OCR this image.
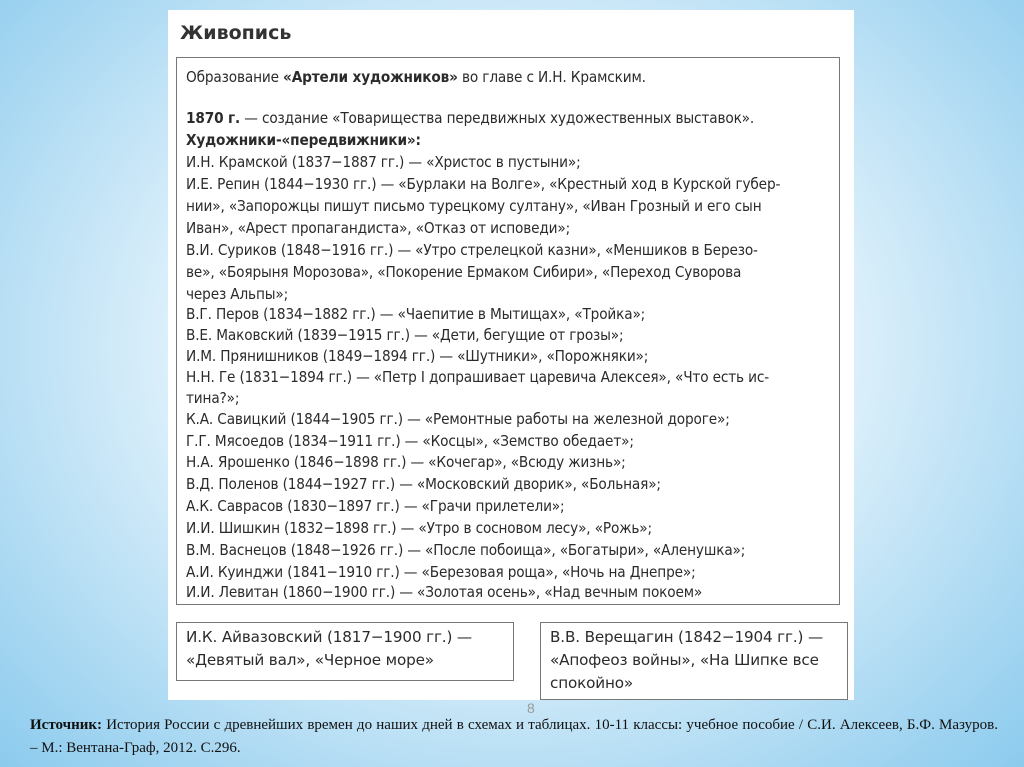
Живопись
Образование «Артели художников» во главе с И.Н. Крамским.
1870 г. — создание «Товарищества передвижных художественных выставок».
Художники-«передвижники»:
И.Н. Крамской (1837−1887 гг.) — «Христос в пустыни»;
И.Е. Репин (1844−1930 гг.) — «Бурлаки на Волге», «Крестный ход в Курской губер-
нии», «Запорожцы пишут письмо турецкому султану», «Иван Грозный и его сын
Иван», «Арест пропагандиста», «Отказ от исповеди»;
В.И. Суриков (1848−1916 гг.) — «Утро стрелецкой казни», «Меншиков в Березо-
ве», «Боярыня Морозова», «Покорение Ермаком Сибири», «Переход Суворова
через Альпы»;
В.Г. Перов (1834−1882 гг.) — «Чаепитие в Мытищах», «Тройка»;
В.Е. Маковский (1839−1915 гг.) — «Дети, бегущие от грозы»;
И.М. Прянишников (1849−1894 гг.) — «Шутники», «Порожняки»;
Н.Н. Ге (1831−1894 гг.) — «Петр I допрашивает царевича Алексея», «Что есть ис-
тина?»;
К.А. Савицкий (1844−1905 гг.) — «Ремонтные работы на железной дороге»;
Г.Г. Мясоедов (1834−1911 гг.) — «Косцы», «Земство обедает»;
Н.А. Ярошенко (1846−1898 гг.) — «Кочегар», «Всюду жизнь»;
В.Д. Поленов (1844−1927 гг.) — «Московский дворик», «Больная»;
А.К. Саврасов (1830−1897 гг.) — «Грачи прилетели»;
И.И. Шишкин (1832−1898 гг.) — «Утро в сосновом лесу», «Рожь»;
В.М. Васнецов (1848−1926 гг.) — «После побоища», «Богатыри», «Аленушка»;
А.И. Куинджи (1841−1910 гг.) — «Березовая роща», «Ночь на Днепре»;
И.И. Левитан (1860−1900 гг.) — «Золотая осень», «Над вечным покоем»
И.К. Айвазовский (1817−1900 гг.) —
«Девятый вал», «Черное море»
В.В. Верещагин (1842−1904 гг.) —
«Апофеоз войны», «На Шипке все
спокойно»
8
Источник: История России с древнейших времен до наших дней в схемах и таблицах. 10-11 классы: учебное пособие / С.И. Алексеев, Б.Ф. Мазуров. – М.: Вентана-Граф, 2012. С.296.
